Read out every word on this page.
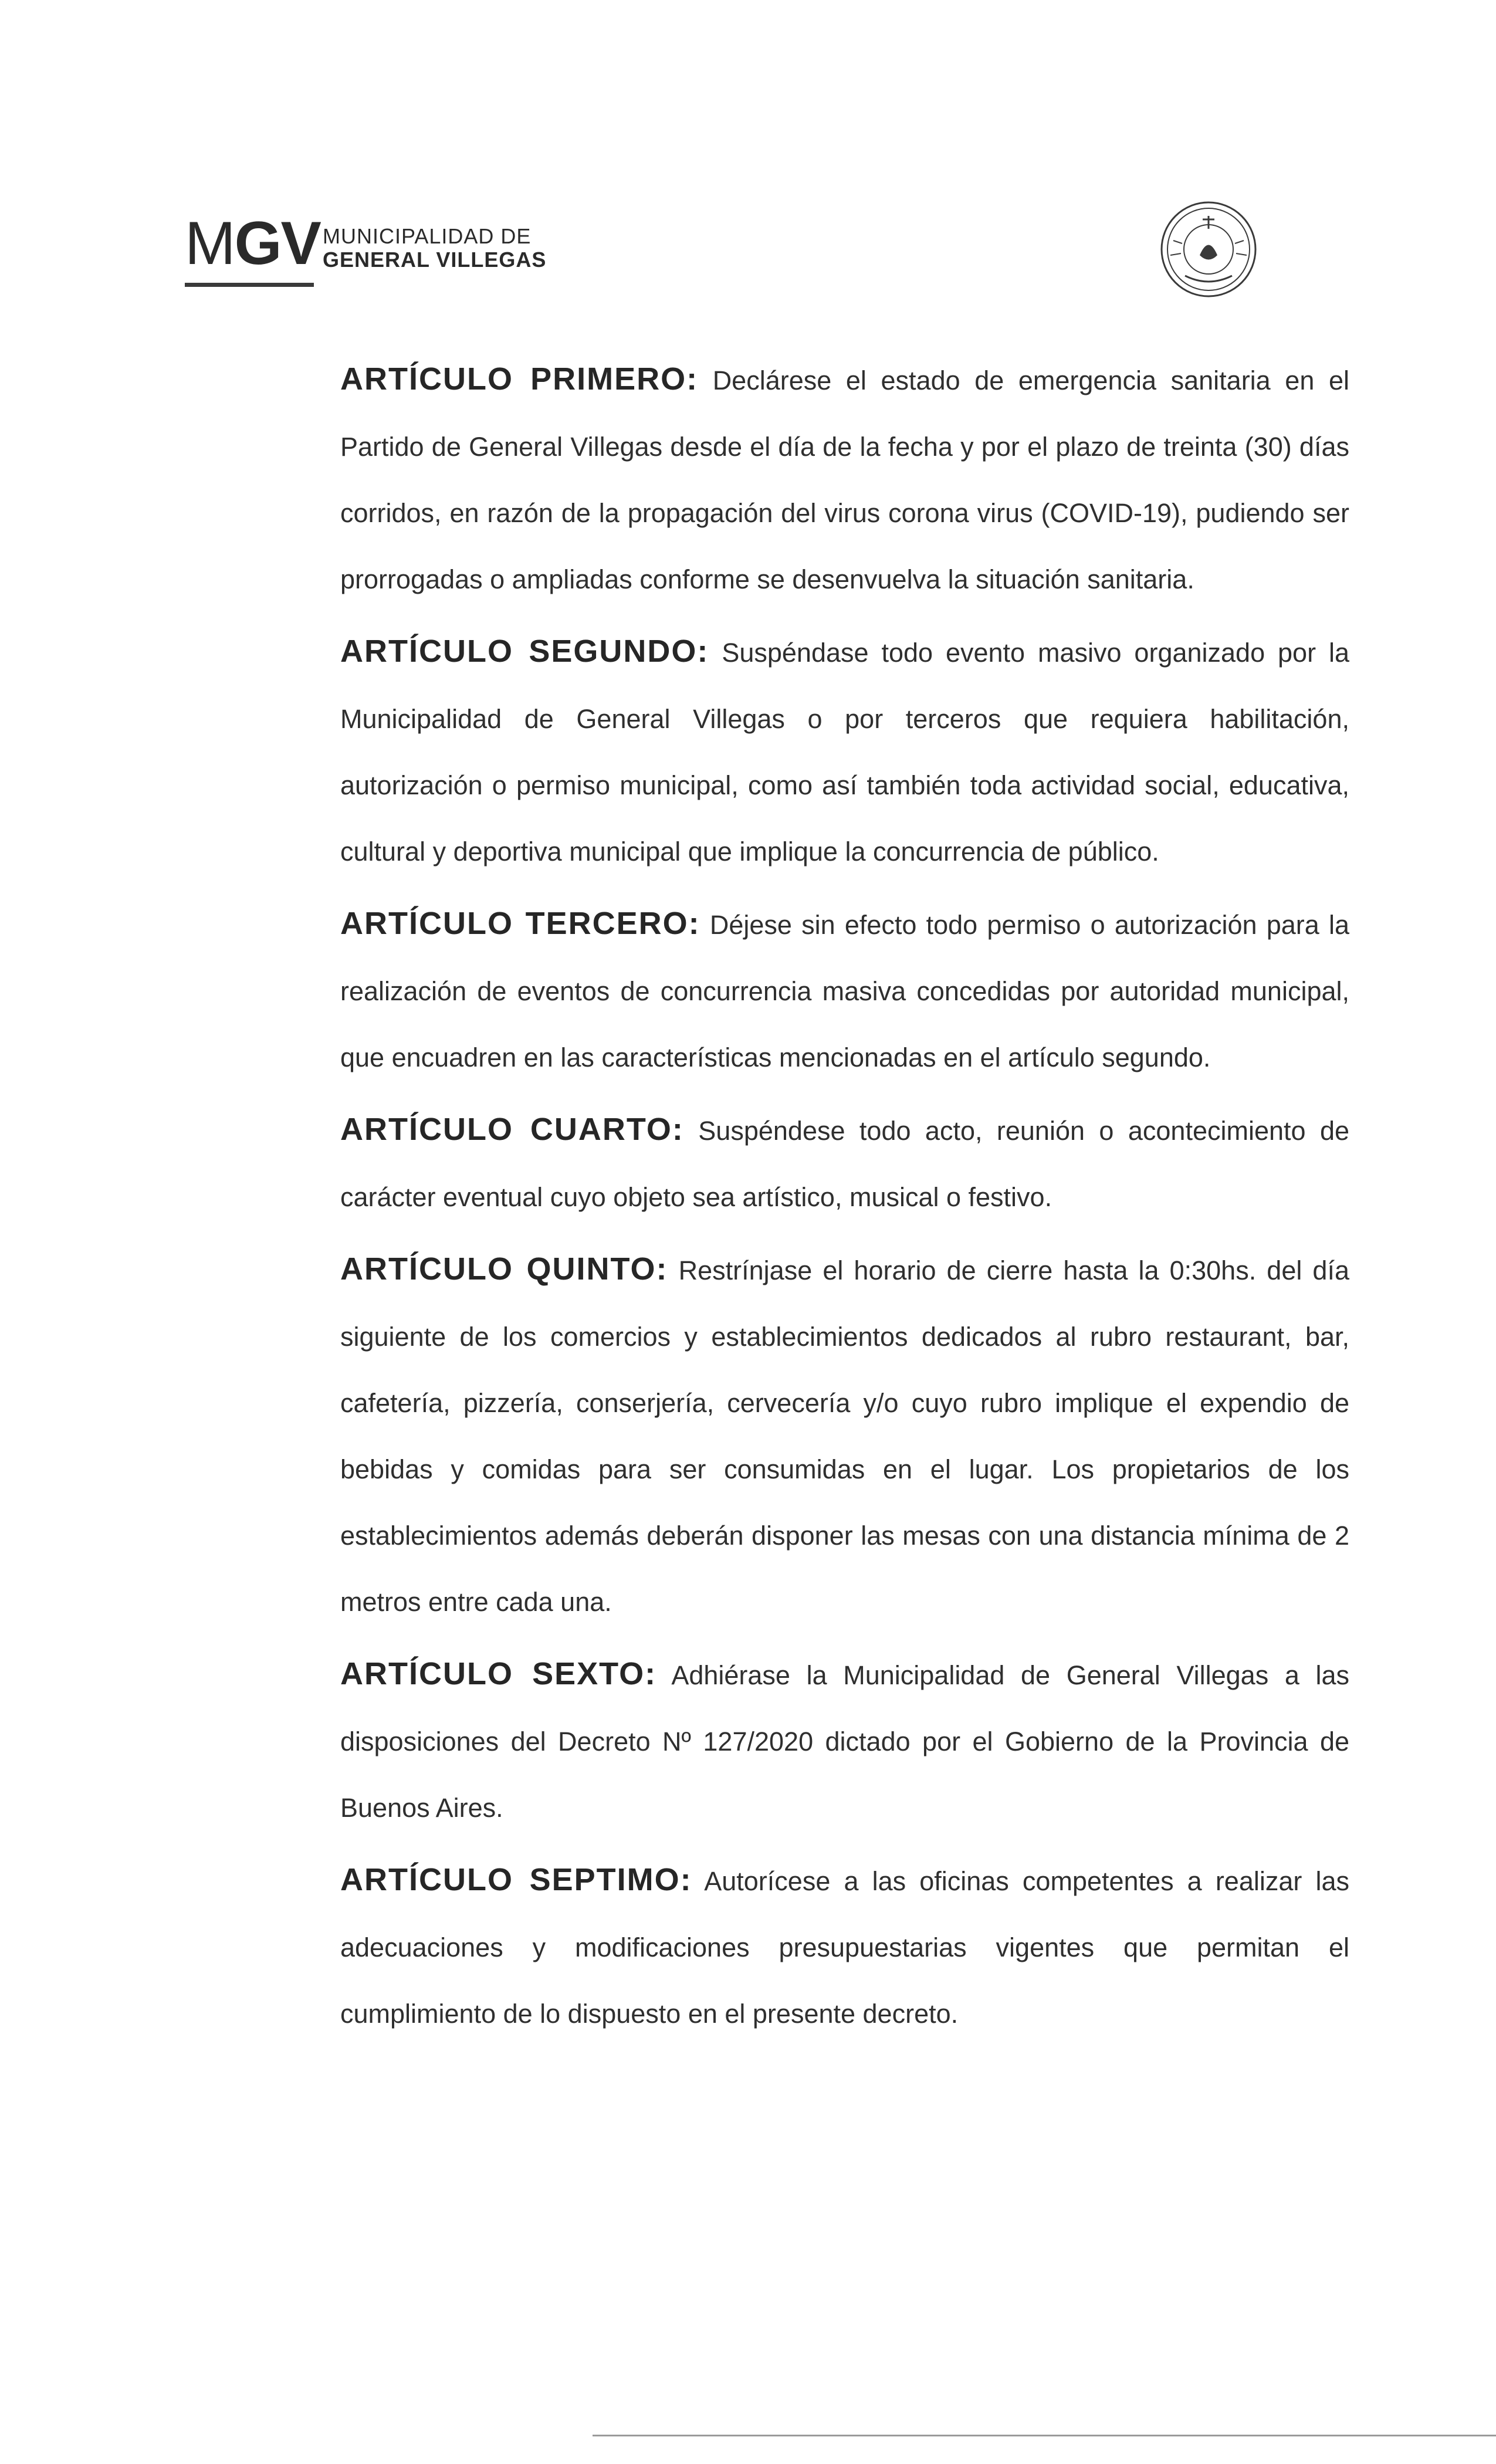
MGV MUNICIPALIDAD DE
GENERAL VILLEGAS

ARTÍCULO PRIMERO: Declárese el estado de emergencia sanitaria en el Partido de General Villegas desde el día de la fecha y por el plazo de treinta (30) días corridos, en razón de la propagación del virus corona virus (COVID-19), pudiendo ser prorrogadas o ampliadas conforme se desenvuelva la situación sanitaria.

ARTÍCULO SEGUNDO: Suspéndase todo evento masivo organizado por la Municipalidad de General Villegas o por terceros que requiera habilitación, autorización o permiso municipal, como así también toda actividad social, educativa, cultural y deportiva municipal que implique la concurrencia de público.

ARTÍCULO TERCERO: Déjese sin efecto todo permiso o autorización para la realización de eventos de concurrencia masiva concedidas por autoridad municipal, que encuadren en las características mencionadas en el artículo segundo.

ARTÍCULO CUARTO: Suspéndese todo acto, reunión o acontecimiento de carácter eventual cuyo objeto sea artístico, musical o festivo.

ARTÍCULO QUINTO: Restrínjase el horario de cierre hasta la 0:30hs. del día siguiente de los comercios y establecimientos dedicados al rubro restaurant, bar, cafetería, pizzería, conserjería, cervecería y/o cuyo rubro implique el expendio de bebidas y comidas para ser consumidas en el lugar. Los propietarios de los establecimientos además deberán disponer las mesas con una distancia mínima de 2 metros entre cada una.

ARTÍCULO SEXTO: Adhiérase la Municipalidad de General Villegas a las disposiciones del Decreto Nº 127/2020 dictado por el Gobierno de la Provincia de Buenos Aires.

ARTÍCULO SEPTIMO: Autorícese a las oficinas competentes a realizar las adecuaciones y modificaciones presupuestarias vigentes que permitan el cumplimiento de lo dispuesto en el presente decreto.
